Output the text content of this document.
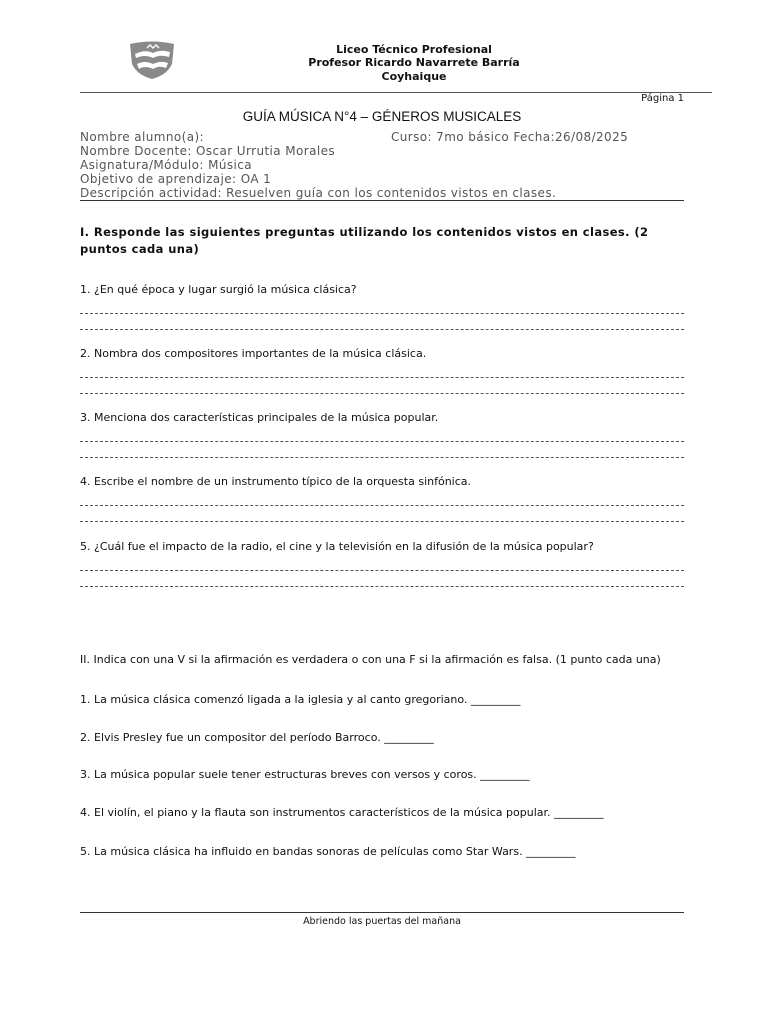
Liceo Técnico Profesional
Profesor Ricardo Navarrete Barría
Coyhaique
Página 1
GUÍA MÚSICA N°4 – GÉNEROS MUSICALES
Nombre alumno(a):	Curso: 7mo básico Fecha:26/08/2025
Nombre Docente: Oscar Urrutia Morales
Asignatura/Módulo: Música
Objetivo de aprendizaje: OA 1
Descripción actividad: Resuelven guía con los contenidos vistos en clases.
I. Responde las siguientes preguntas utilizando los contenidos vistos en clases. (2 puntos cada una)
1. ¿En qué época y lugar surgió la música clásica?
2. Nombra dos compositores importantes de la música clásica.
3. Menciona dos características principales de la música popular.
4. Escribe el nombre de un instrumento típico de la orquesta sinfónica.
5. ¿Cuál fue el impacto de la radio, el cine y la televisión en la difusión de la música popular?
II. Indica con una V si la afirmación es verdadera o con una F si la afirmación es falsa. (1 punto cada una)
1. La música clásica comenzó ligada a la iglesia y al canto gregoriano. _________
2. Elvis Presley fue un compositor del período Barroco. _________
3. La música popular suele tener estructuras breves con versos y coros. _________
4. El violín, el piano y la flauta son instrumentos característicos de la música popular. _________
5. La música clásica ha influido en bandas sonoras de películas como Star Wars. _________
Abriendo las puertas del mañana
